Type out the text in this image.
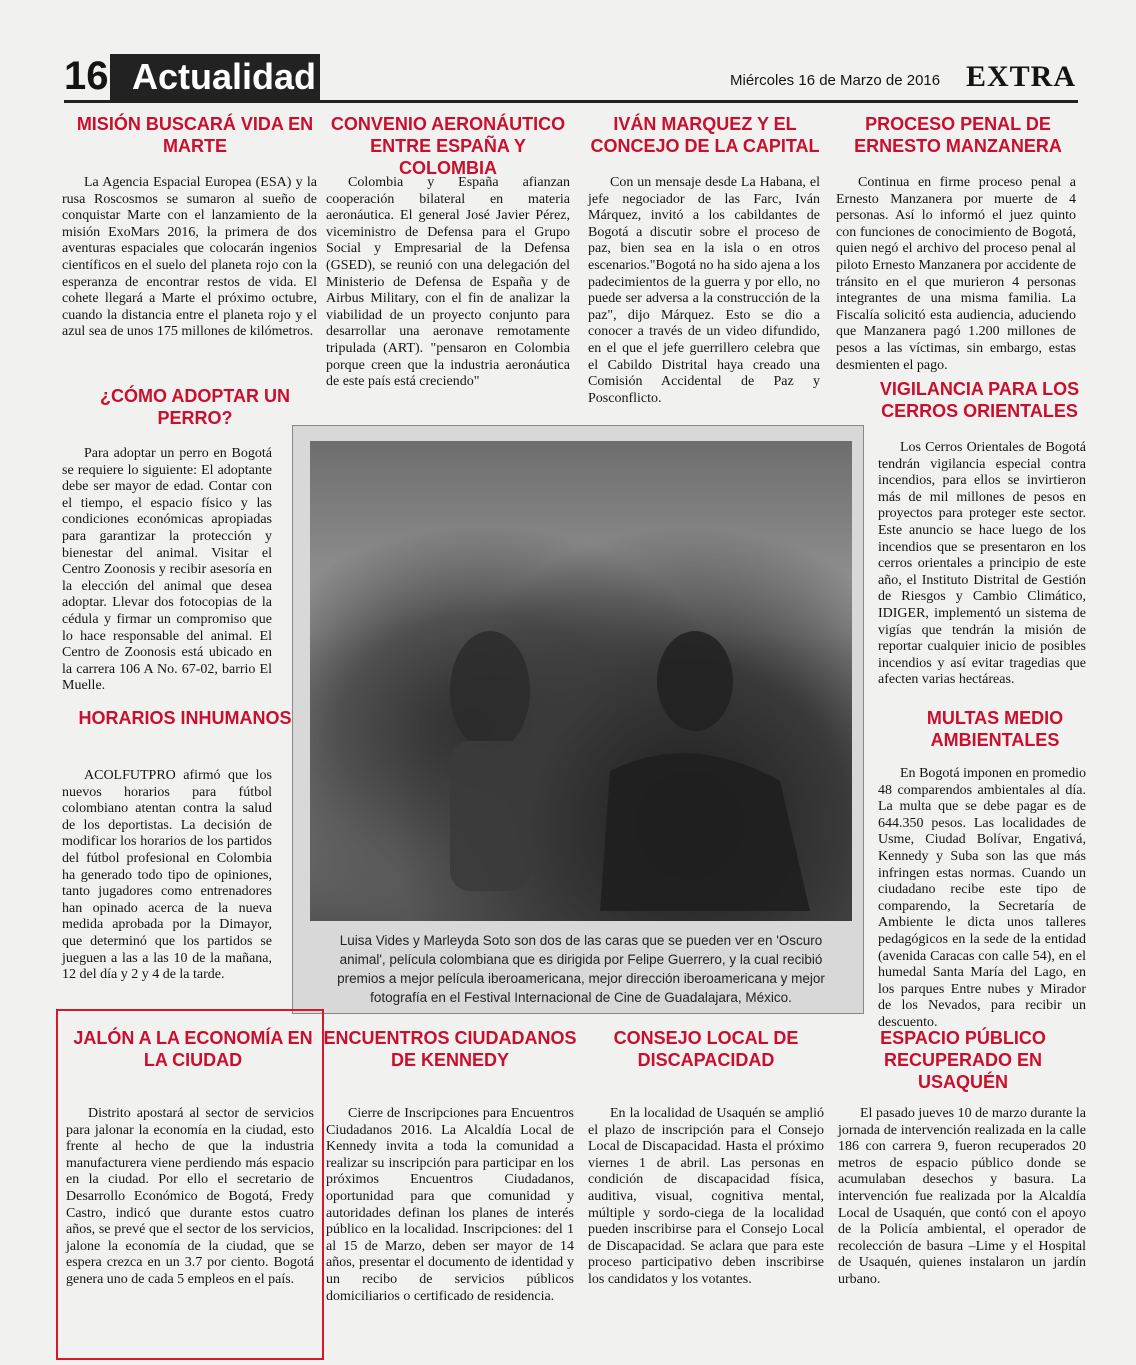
16 Actualidad	Miércoles 16 de Marzo de 2016 EXTRA
MISIÓN BUSCARÁ VIDA EN MARTE

La Agencia Espacial Europea (ESA) y la rusa Roscosmos se sumaron al sueño de conquistar Marte con el lanzamiento de la misión ExoMars 2016, la primera de dos aventuras espaciales que colocarán ingenios científicos en el suelo del planeta rojo con la esperanza de encontrar restos de vida. El cohete llegará a Marte el próximo octubre, cuando la distancia entre el planeta rojo y el azul sea de unos 175 millones de kilómetros.

CONVENIO AERONÁUTICO ENTRE ESPAÑA Y COLOMBIA

Colombia y España afianzan cooperación bilateral en materia aeronáutica. El general José Javier Pérez, viceministro de Defensa para el Grupo Social y Empresarial de la Defensa (GSED), se reunió con una delegación del Ministerio de Defensa de España y de Airbus Military, con el fin de analizar la viabilidad de un proyecto conjunto para desarrollar una aeronave remotamente tripulada (ART). "pensaron en Colombia porque creen que la industria aeronáutica de este país está creciendo"

IVÁN MARQUEZ Y EL CONCEJO DE LA CAPITAL

Con un mensaje desde La Habana, el jefe negociador de las Farc, Iván Márquez, invitó a los cabildantes de Bogotá a discutir sobre el proceso de paz, bien sea en la isla o en otros escenarios."Bogotá no ha sido ajena a los padecimientos de la guerra y por ello, no puede ser adversa a la construcción de la paz", dijo Márquez. Esto se dio a conocer a través de un video difundido, en el que el jefe guerrillero celebra que el Cabildo Distrital haya creado una Comisión Accidental de Paz y Posconflicto.

PROCESO PENAL DE ERNESTO MANZANERA

Continua en firme proceso penal a Ernesto Manzanera por muerte de 4 personas. Así lo informó el juez quinto con funciones de conocimiento de Bogotá, quien negó el archivo del proceso penal al piloto Ernesto Manzanera por accidente de tránsito en el que murieron 4 personas integrantes de una misma familia. La Fiscalía solicitó esta audiencia, aduciendo que Manzanera pagó 1.200 millones de pesos a las víctimas, sin embargo, estas desmienten el pago.

¿CÓMO ADOPTAR UN PERRO?

Para adoptar un perro en Bogotá se requiere lo siguiente: El adoptante debe ser mayor de edad. Contar con el tiempo, el espacio físico y las condiciones económicas apropiadas para garantizar la protección y bienestar del animal. Visitar el Centro Zoonosis y recibir asesoría en la elección del animal que desea adoptar. Llevar dos fotocopias de la cédula y firmar un compromiso que lo hace responsable del animal. El Centro de Zoonosis está ubicado en la carrera 106 A No. 67-02, barrio El Muelle.

HORARIOS INHUMANOS

ACOLFUTPRO afirmó que los nuevos horarios para fútbol colombiano atentan contra la salud de los deportistas. La decisión de modificar los horarios de los partidos del fútbol profesional en Colombia ha generado todo tipo de opiniones, tanto jugadores como entrenadores han opinado acerca de la nueva medida aprobada por la Dimayor, que determinó que los partidos se jueguen a las a las 10 de la mañana, 12 del día y 2 y 4 de la tarde.

Luisa Vides y Marleyda Soto son dos de las caras que se pueden ver en 'Oscuro animal', película colombiana que es dirigida por Felipe Guerrero, y la cual recibió premios a mejor película iberoamericana, mejor dirección iberoamericana y mejor fotografía en el Festival Internacional de Cine de Guadalajara, México.
VIGILANCIA PARA LOS CERROS ORIENTALES

Los Cerros Orientales de Bogotá tendrán vigilancia especial contra incendios, para ellos se invirtieron más de mil millones de pesos en proyectos para proteger este sector. Este anuncio se hace luego de los incendios que se presentaron en los cerros orientales a principio de este año, el Instituto Distrital de Gestión de Riesgos y Cambio Climático, IDIGER, implementó un sistema de vigías que tendrán la misión de reportar cualquier inicio de posibles incendios y así evitar tragedias que afecten varias hectáreas.

MULTAS MEDIO AMBIENTALES

En Bogotá imponen en promedio 48 comparendos ambientales al día. La multa que se debe pagar es de 644.350 pesos. Las localidades de Usme, Ciudad Bolívar, Engativá, Kennedy y Suba son las que más infringen estas normas. Cuando un ciudadano recibe este tipo de comparendo, la Secretaría de Ambiente le dicta unos talleres pedagógicos en la sede de la entidad (avenida Caracas con calle 54), en el humedal Santa María del Lago, en los parques Entre nubes y Mirador de los Nevados, para recibir un descuento.

JALÓN A LA ECONOMÍA EN LA CIUDAD

Distrito apostará al sector de servicios para jalonar la economía en la ciudad, esto frente al hecho de que la industria manufacturera viene perdiendo más espacio en la ciudad. Por ello el secretario de Desarrollo Económico de Bogotá, Fredy Castro, indicó que durante estos cuatro años, se prevé que el sector de los servicios, jalone la economía de la ciudad, que se espera crezca en un 3.7 por ciento. Bogotá genera uno de cada 5 empleos en el país.

ENCUENTROS CIUDADANOS DE KENNEDY

Cierre de Inscripciones para Encuentros Ciudadanos 2016. La Alcaldía Local de Kennedy invita a toda la comunidad a realizar su inscripción para participar en los próximos Encuentros Ciudadanos, oportunidad para que comunidad y autoridades definan los planes de interés público en la localidad. Inscripciones: del 1 al 15 de Marzo, deben ser mayor de 14 años, presentar el documento de identidad y un recibo de servicios públicos domiciliarios o certificado de residencia.

CONSEJO LOCAL DE DISCAPACIDAD

En la localidad de Usaquén se amplió el plazo de inscripción para el Consejo Local de Discapacidad. Hasta el próximo viernes 1 de abril. Las personas en condición de discapacidad física, auditiva, visual, cognitiva mental, múltiple y sordo-ciega de la localidad pueden inscribirse para el Consejo Local de Discapacidad. Se aclara que para este proceso participativo deben inscribirse los candidatos y los votantes.

ESPACIO PÚBLICO RECUPERADO EN USAQUÉN

El pasado jueves 10 de marzo durante la jornada de intervención realizada en la calle 186 con carrera 9, fueron recuperados 20 metros de espacio público donde se acumulaban desechos y basura. La intervención fue realizada por la Alcaldía Local de Usaquén, que contó con el apoyo de la Policía ambiental, el operador de recolección de basura –Lime y el Hospital de Usaquén, quienes instalaron un jardín urbano.
